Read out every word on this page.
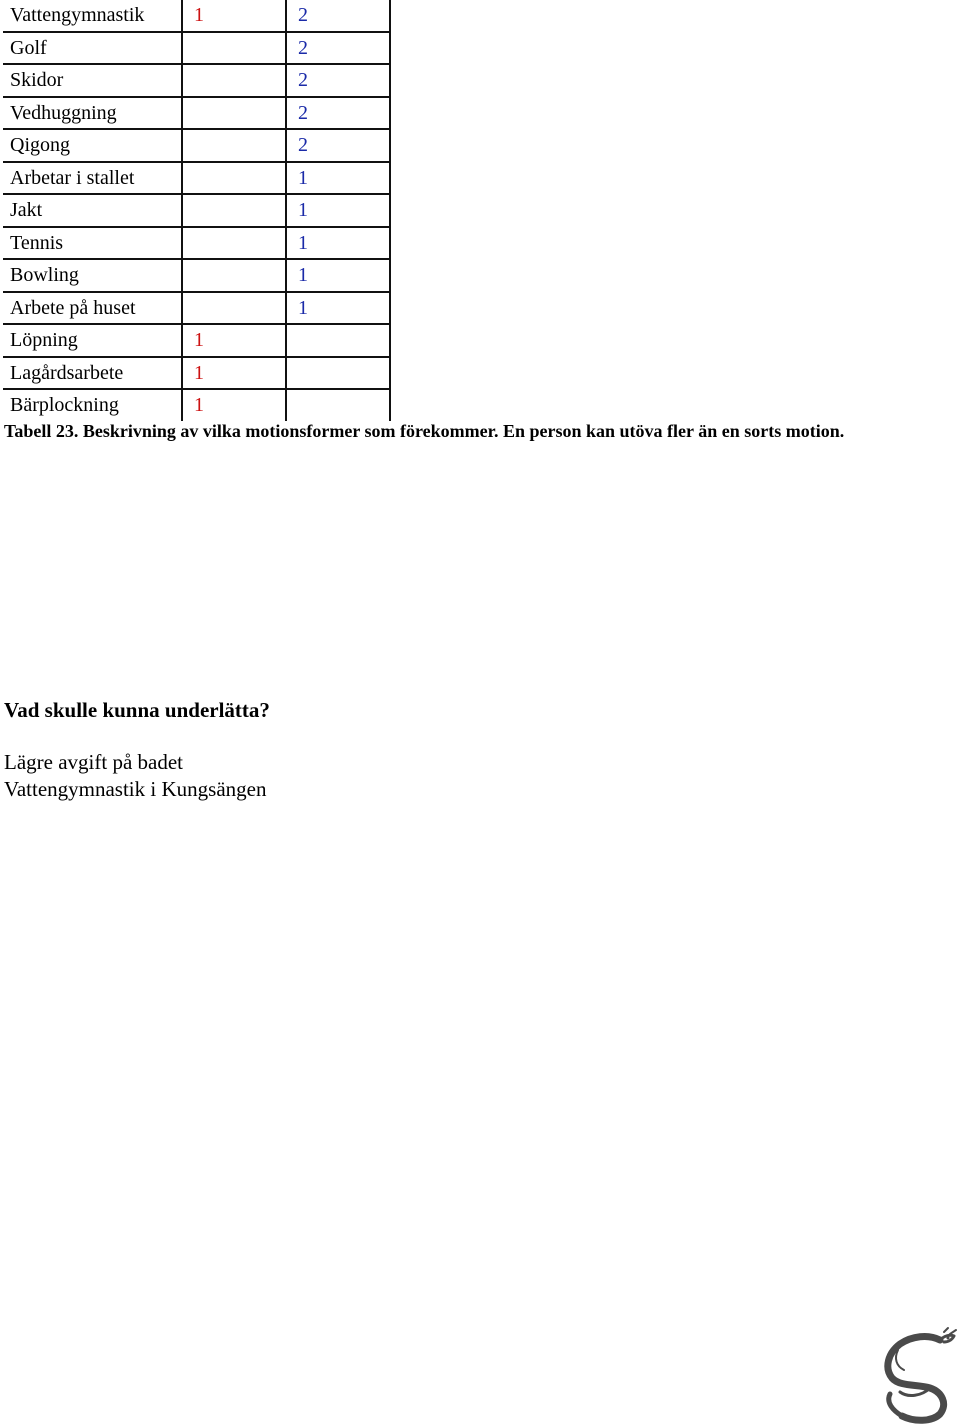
Vattengymnastik	1	2
Golf		2
Skidor		2
Vedhuggning		2
Qigong		2
Arbetar i stallet		1
Jakt		1
Tennis		1
Bowling		1
Arbete på huset		1
Löpning	1	
Lagårdsarbete	1	
Bärplockning	1	
Tabell 23. Beskrivning av vilka motionsformer som förekommer. En person kan utöva fler än en sorts motion.
Vad skulle kunna underlätta?
Lägre avgift på badet
Vattengymnastik i Kungsängen
